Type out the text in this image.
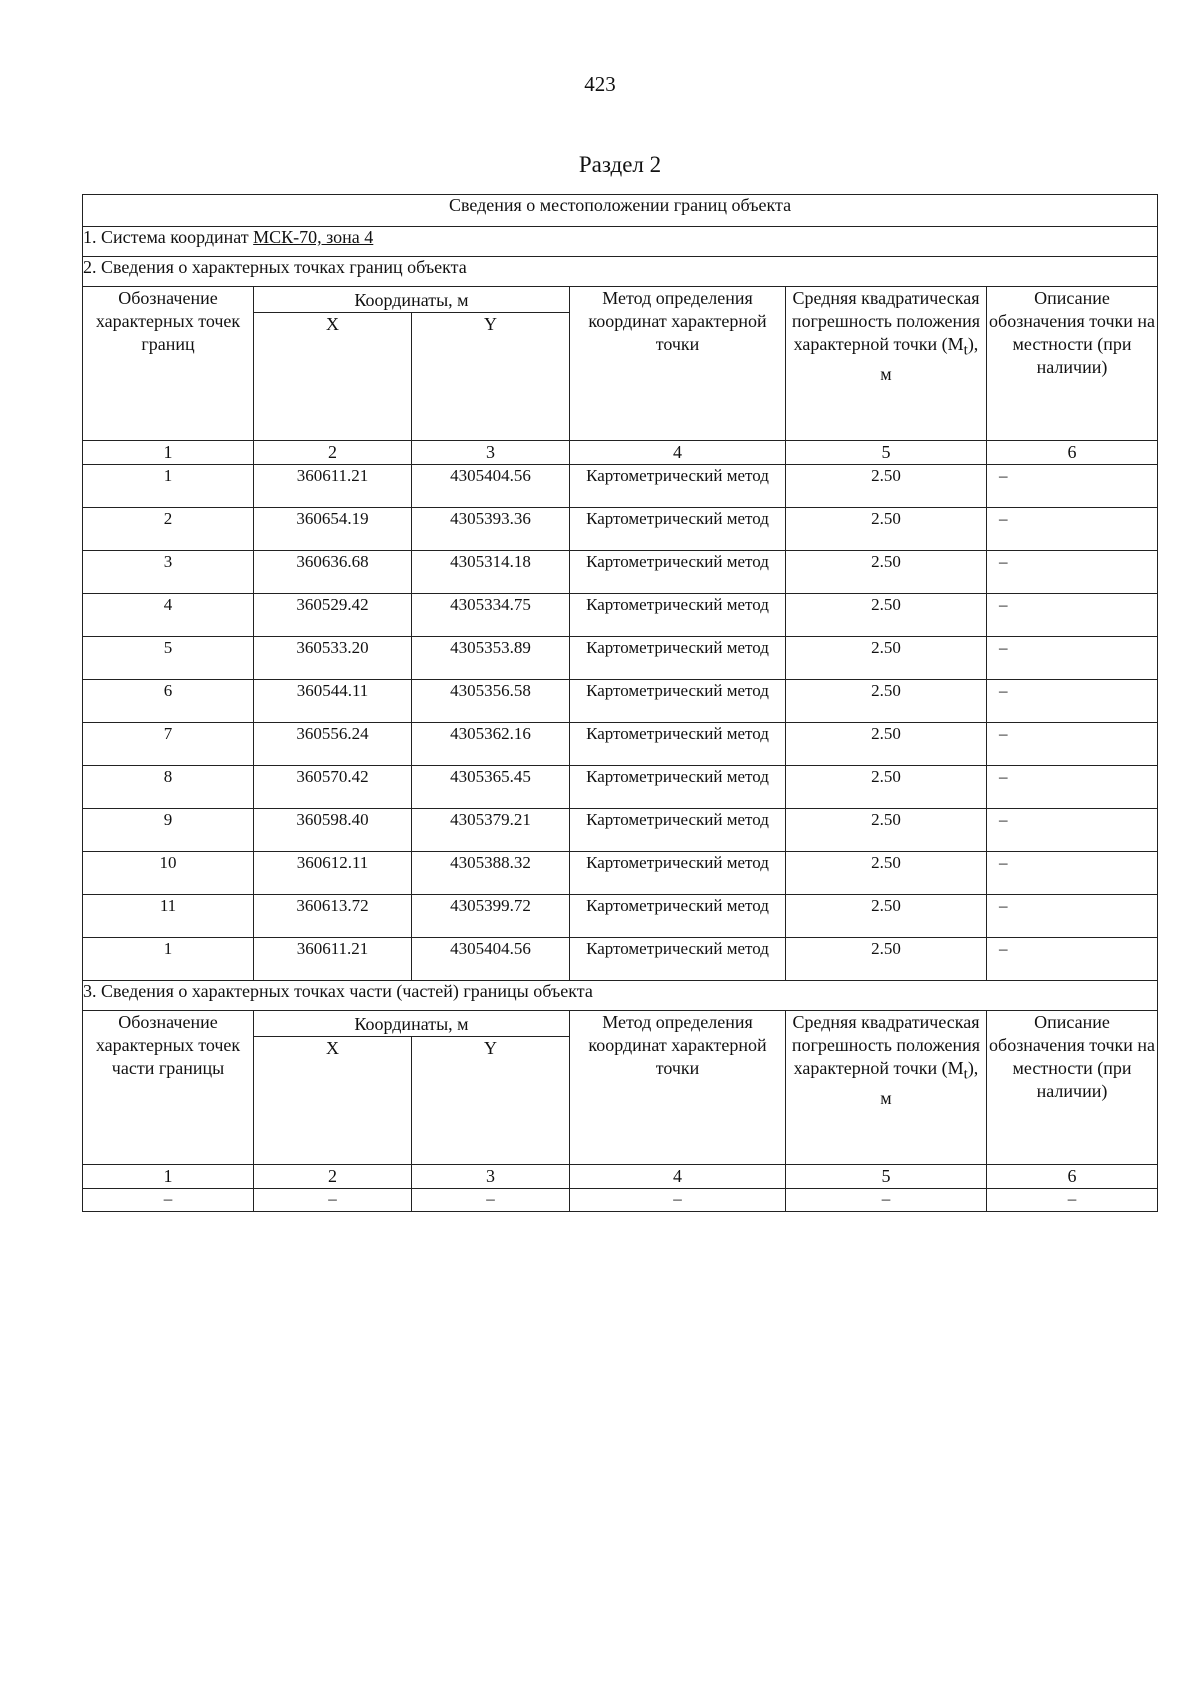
423
Раздел 2
Сведения о местоположении границ объекта					
1. Система координат МСК-70, зона 4					
2. Сведения о характерных точках границ объекта					
Обозначение характерных точек границ	Координаты, м		Метод определения координат характерной точки	Средняя квадратическая погрешность положения характерной точки $(M_t)$, м	Описание обозначения точки на местности (при наличии)
	X	Y			
1	2	3	4	5	6
1	360611.21	4305404.56	Картометрический метод	2.50	–
2	360654.19	4305393.36	Картометрический метод	2.50	–
3	360636.68	4305314.18	Картометрический метод	2.50	–
4	360529.42	4305334.75	Картометрический метод	2.50	–
5	360533.20	4305353.89	Картометрический метод	2.50	–
6	360544.11	4305356.58	Картометрический метод	2.50	–
7	360556.24	4305362.16	Картометрический метод	2.50	–
8	360570.42	4305365.45	Картометрический метод	2.50	–
9	360598.40	4305379.21	Картометрический метод	2.50	–
10	360612.11	4305388.32	Картометрический метод	2.50	–
11	360613.72	4305399.72	Картометрический метод	2.50	–
1	360611.21	4305404.56	Картометрический метод	2.50	–
3. Сведения о характерных точках части (частей) границы объекта					
Обозначение характерных точек части границы	Координаты, м		Метод определения координат характерной точки	Средняя квадратическая погрешность положения характерной точки $(M_t)$, м	Описание обозначения точки на местности (при наличии)
	X	Y			
1	2	3	4	5	6
–	–	–	–	–	–
